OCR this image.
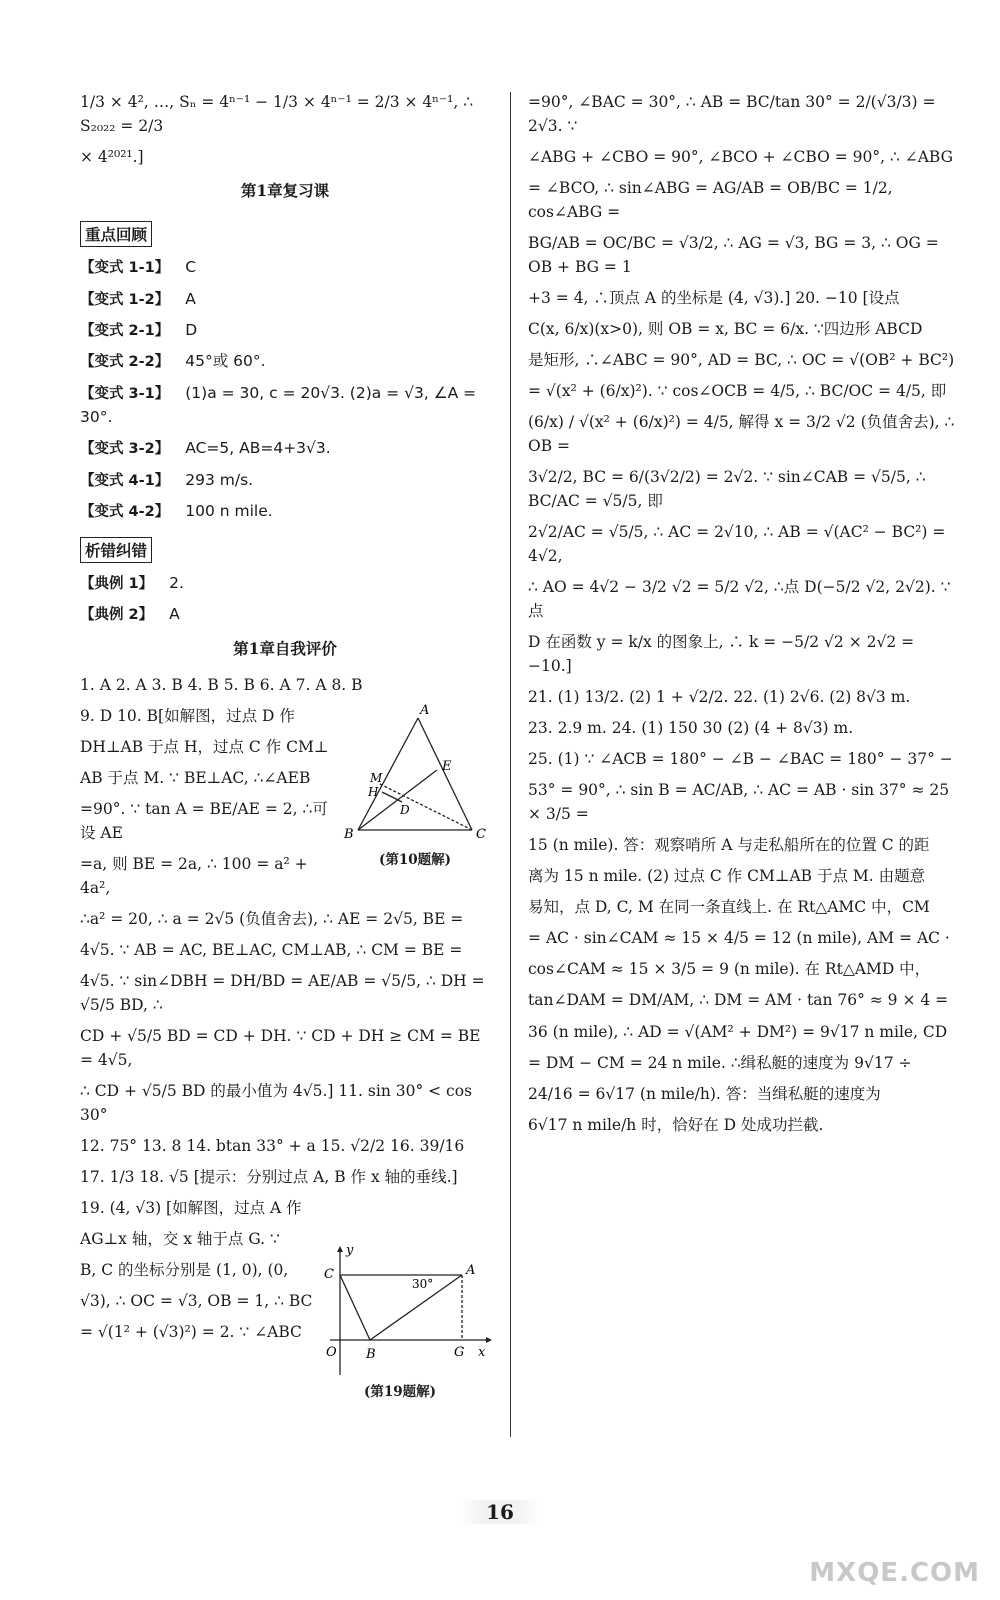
1/3 × 4², …, Sₙ = 4ⁿ⁻¹ − 1/3 × 4ⁿ⁻¹ = 2/3 × 4ⁿ⁻¹, ∴ S₂₀₂₂ = 2/3

× 4²⁰²¹.]

第1章复习课

重点回顾

【变式 1-1】 C

【变式 1-2】 A

【变式 2-1】 D

【变式 2-2】 45°或 60°.

【变式 3-1】 (1)a = 30, c = 20√3. (2)a = √3, ∠A = 30°.

【变式 3-2】 AC=5, AB=4+3√3.

【变式 4-1】 293 m/s.

【变式 4-2】 100 n mile.

析错纠错

【典例 1】 2.

【典例 2】 A

第1章自我评价

1. A 2. A 3. B 4. B 5. B 6. A 7. A 8. B

9. D 10. B[如解图，过点 D 作

DH⊥AB 于点 H，过点 C 作 CM⊥

AB 于点 M. ∵ BE⊥AC, ∴∠AEB

=90°. ∵ tan A = BE/AE = 2, ∴可设 AE

=a, 则 BE = 2a, ∴ 100 = a² + 4a²,

∴a² = 20, ∴ a = 2√5 (负值舍去), ∴ AE = 2√5, BE =

4√5. ∵ AB = AC, BE⊥AC, CM⊥AB, ∴ CM = BE =

4√5. ∵ sin∠DBH = DH/BD = AE/AB = √5/5, ∴ DH = √5/5 BD, ∴

CD + √5/5 BD = CD + DH. ∵ CD + DH ≥ CM = BE = 4√5,

∴ CD + √5/5 BD 的最小值为 4√5.] 11. sin 30° < cos 30°

12. 75° 13. 8 14. btan 33° + a 15. √2/2 16. 39/16

17. 1/3 18. √5 [提示：分别过点 A, B 作 x 轴的垂线.]

19. (4, √3) [如解图，过点 A 作

AG⊥x 轴，交 x 轴于点 G. ∵

B, C 的坐标分别是 (1, 0), (0,

√3), ∴ OC = √3, OB = 1, ∴ BC

= √(1² + (√3)²) = 2. ∵ ∠ABC

A
B	C
D
E
H
M
(第10题解)
y
x
O
A
B
C
G
30°
(第19题解)

=90°, ∠BAC = 30°, ∴ AB = BC/tan 30° = 2/(√3/3) = 2√3. ∵

∠ABG + ∠CBO = 90°, ∠BCO + ∠CBO = 90°, ∴ ∠ABG

= ∠BCO, ∴ sin∠ABG = AG/AB = OB/BC = 1/2, cos∠ABG =

BG/AB = OC/BC = √3/2, ∴ AG = √3, BG = 3, ∴ OG = OB + BG = 1

+3 = 4, ∴顶点 A 的坐标是 (4, √3).] 20. −10 [设点

C(x, 6/x)(x>0), 则 OB = x, BC = 6/x. ∵四边形 ABCD

是矩形, ∴∠ABC = 90°, AD = BC, ∴ OC = √(OB² + BC²)

= √(x² + (6/x)²). ∵ cos∠OCB = 4/5, ∴ BC/OC = 4/5, 即

(6/x) / √(x² + (6/x)²) = 4/5, 解得 x = 3/2 √2 (负值舍去), ∴ OB =

3√2/2, BC = 6/(3√2/2) = 2√2. ∵ sin∠CAB = √5/5, ∴ BC/AC = √5/5, 即

2√2/AC = √5/5, ∴ AC = 2√10, ∴ AB = √(AC² − BC²) = 4√2,

∴ AO = 4√2 − 3/2 √2 = 5/2 √2, ∴点 D(−5/2 √2, 2√2). ∵点

D 在函数 y = k/x 的图象上, ∴ k = −5/2 √2 × 2√2 = −10.]

21. (1) 13/2. (2) 1 + √2/2. 22. (1) 2√6. (2) 8√3 m.

23. 2.9 m. 24. (1) 150 30 (2) (4 + 8√3) m.

25. (1) ∵ ∠ACB = 180° − ∠B − ∠BAC = 180° − 37° −

53° = 90°, ∴ sin B = AC/AB, ∴ AC = AB · sin 37° ≈ 25 × 3/5 =

15 (n mile). 答：观察哨所 A 与走私船所在的位置 C 的距

离为 15 n mile. (2) 过点 C 作 CM⊥AB 于点 M. 由题意

易知，点 D, C, M 在同一条直线上. 在 Rt△AMC 中，CM

= AC · sin∠CAM ≈ 15 × 4/5 = 12 (n mile), AM = AC ·

cos∠CAM ≈ 15 × 3/5 = 9 (n mile). 在 Rt△AMD 中，

tan∠DAM = DM/AM, ∴ DM = AM · tan 76° ≈ 9 × 4 =

36 (n mile), ∴ AD = √(AM² + DM²) = 9√17 n mile, CD

= DM − CM = 24 n mile. ∴缉私艇的速度为 9√17 ÷

24/16 = 6√17 (n mile/h). 答：当缉私艇的速度为

6√17 n mile/h 时，恰好在 D 处成功拦截.

16
MXQE.COM
